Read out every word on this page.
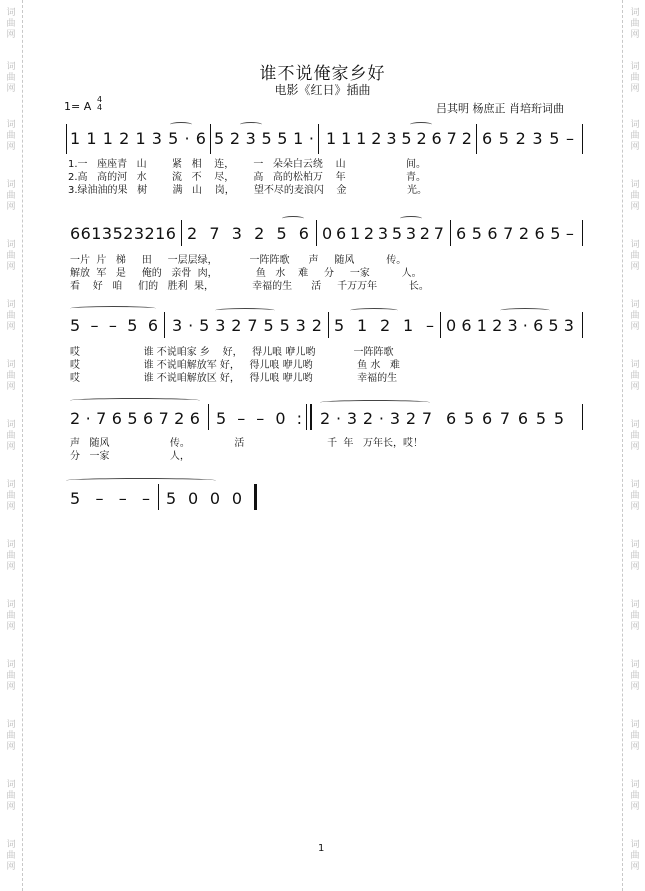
词
曲
网
词
曲
网
词
曲
网
词
曲
网
词
曲
网
词
曲
网
词
曲
网
词
曲
网
词
曲
网
词
曲
网
词
曲
网
词
曲
网
词
曲
网
词
曲
网
词
曲
网
词
曲
网
词
曲
网
词
曲
网
词
曲
网
词
曲
网
词
曲
网
词
曲
网
词
曲
网
词
曲
网
词
曲
网
词
曲
网
词
曲
网
词
曲
网
词
曲
网
词
曲
网
谁不说俺家乡好
电影《红日》插曲
1= A
4
4	吕其明 杨庶正 肖培珩词曲
1 1 1 2 1 3 5 · 6 5 2 3 5 5 1 · 1 1 1 2 3 5 2 6 7 2 6 5 2 3 5 –
1.一   座座青   山        紧   相    连，      一   朵朵白云绕    山                   间。
2.高   高的河   水        流   不    尽，      高   高的松柏万    年                   青。
3.绿油油的果   树        满   山    岗，      望不尽的麦浪闪    金                   光。
6 6 1 3 5 2 3 2 1 6 2 7 3 2 5 6 0 6 1 2 3 5 3 2 7 6 5 6 7 2 6 5 –
一片  片   梯     田     一层层绿，          一阵阵歌      声     随风          传。
解放  军   是     俺的   亲骨  肉，            鱼   水    难     分     一家          人。
看    好   咱     们的   胜利  果，            幸福的生      活     千万万年          长。
5 – – 5 6 3 · 5 3 2 7 5 5 3 2 5 1 2 1 – 0 6 1 2 3 · 6 5 3
哎                    谁 不说咱家 乡    好，   得儿哴 咿儿哟            一阵阵歌
哎                    谁 不说咱解放军 好，   得儿哴 咿儿哟              鱼 水   难
哎                    谁 不说咱解放区 好，   得儿哴 咿儿哟              幸福的生
2 · 7 6 5 6 7 2 6 5 – – 0 : 2 · 3 2 · 3 2 7 6 5 6 7 6 5 5
声   随风                   传。              活                          千  年   万年长，哎！
分   一家                   人，
5 – – – 5 0 0 0
1
